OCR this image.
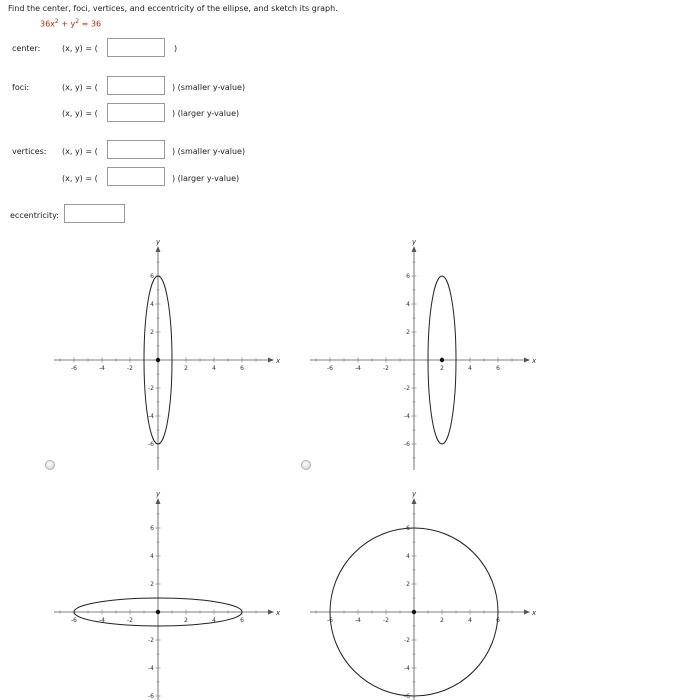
Find the center, foci, vertices, and eccentricity of the ellipse, and sketch its graph.
$36x^2 + y^2 = 36$
center:	(x, y) = (	)
foci:	(x, y) = (	) (smaller y-value)
(x, y) = (	) (larger y-value)
vertices: (x, y) = (	) (smaller y-value)
(x, y) = (	) (larger y-value)
eccentricity:
x
y
-6	-4	-2	2	4	6
6
4
2
-2
-4
-6
x
y
-6	-4	-2	2	4	6
6
4
2
-2
-4
-6
x
y
-6	-4	-2	2	4	6
6
4
2
-2
-4
-6
x
y
-6	-4	-2	2	4	6
6
4
2
-2
-4
-6
